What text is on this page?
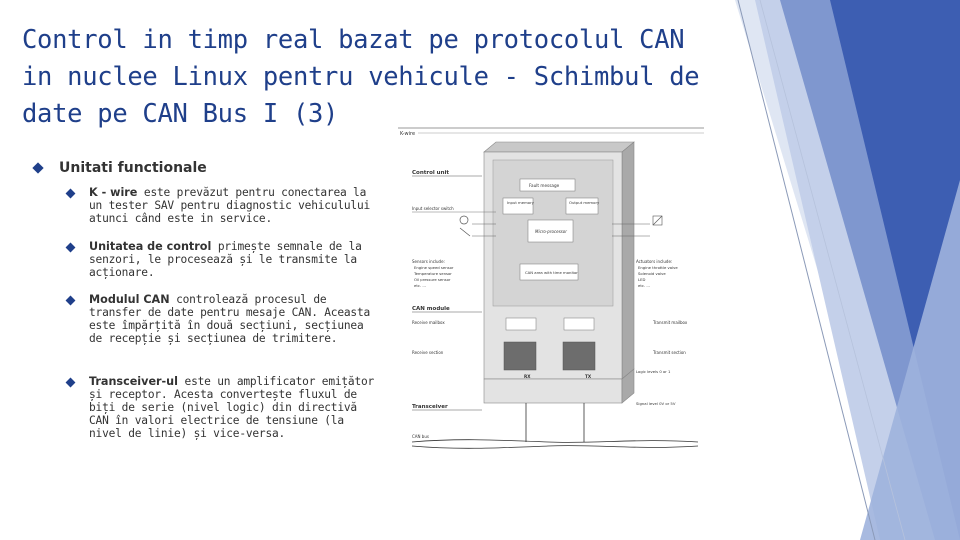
Control in timp real bazat pe protocolul CAN
in nuclee Linux pentru vehicule - Schimbul de
date pe CAN Bus I (3)
Unitati functionale
K - wire este prevăzut pentru conectarea la un tester SAV pentru diagnostic vehiculului atunci când este in service.
Unitatea de control primește semnale de la senzori, le procesează și le transmite la acționare.
Modulul CAN controlează procesul de transfer de date pentru mesaje CAN. Aceasta este împărțită în două secțiuni, secțiunea de recepție și secțiunea de trimitere.
Transceiver-ul este un amplificator emițător și receptor. Acesta convertește fluxul de biți de serie (nivel logic) din directivă CAN în valori electrice de tensiune (la nivel de linie) și vice-versa.
K-wire
Control unit
Fault message
Input memory	Output memory
Input selector switch
Micro-processor
CAN area with time monitor
Sensors include:
Engine speed sensor
Temperature sensor
Oil pressure sensor
etc. ...
Actuators include:
Engine throttle valve
Solenoid valve
LED
etc. ...
CAN module
Receive mailbox	Transmit mailbox
Receive section	Transmit section
RX	TX
Logic levels 0 or 1
Transceiver
Signal level 0V or 5V
CAN bus
